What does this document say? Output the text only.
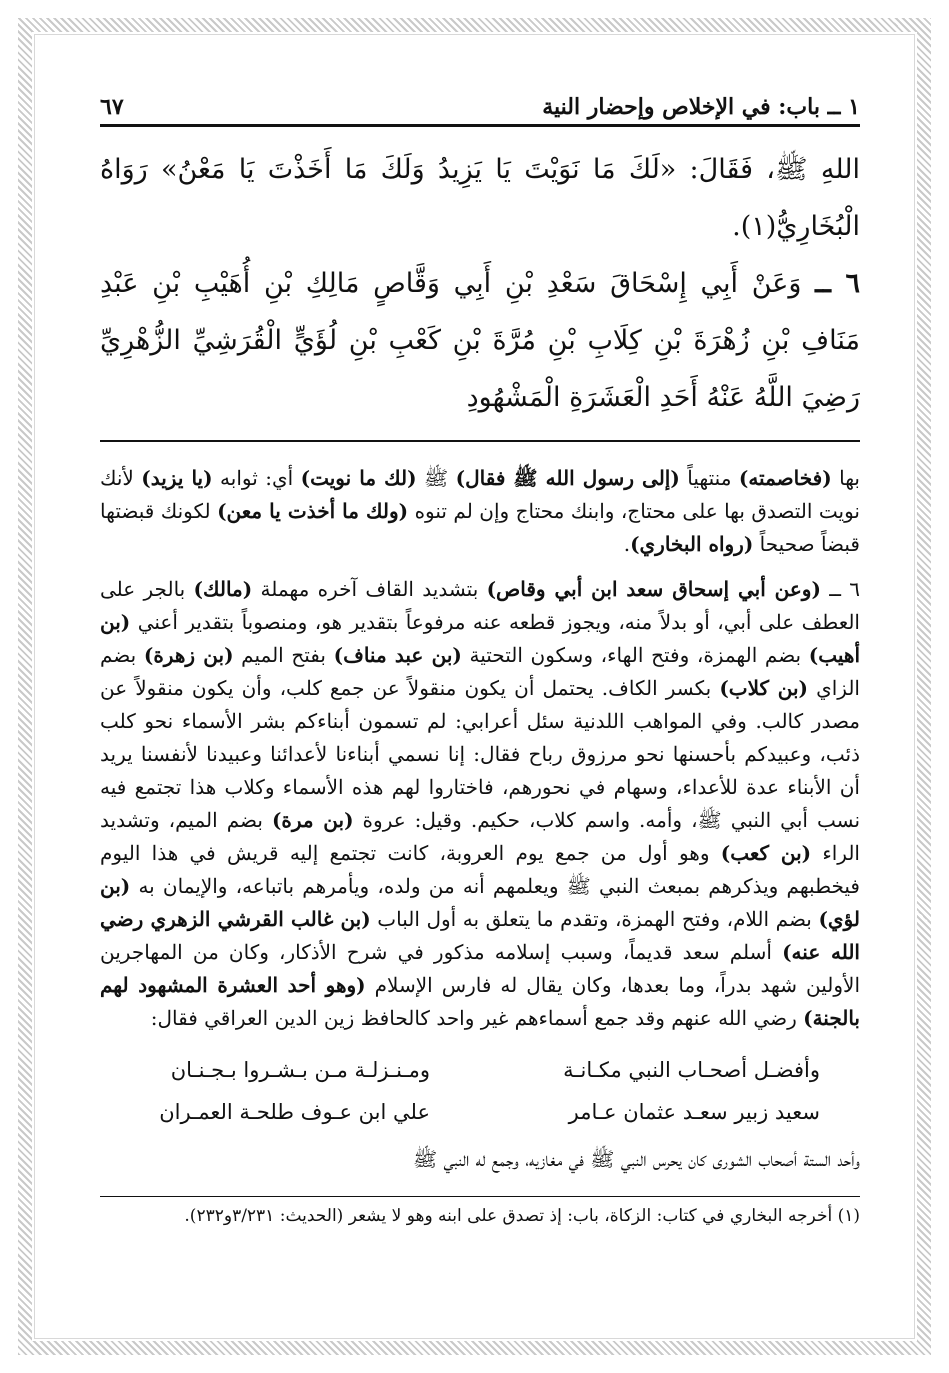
١ ــ باب: في الإخلاص وإحضار النية
٦٧

اللهِ ﷺ، فَقَالَ: «لَكَ مَا نَوَيْتَ يَا يَزِيدُ وَلَكَ مَا أَخَذْتَ يَا مَعْنُ» رَوَاهُ الْبُخَارِيُّ(١).

٦ ــ وَعَنْ أَبِي إِسْحَاقَ سَعْدِ بْنِ أَبِي وَقَّاصٍ مَالِكِ بْنِ أُهَيْبِ بْنِ عَبْدِ مَنَافِ بْنِ زُهْرَةَ بْنِ كِلَابِ بْنِ مُرَّةَ بْنِ كَعْبِ بْنِ لُؤَيٍّ الْقُرَشِيِّ الزُّهْرِيِّ رَضِيَ اللَّهُ عَنْهُ أَحَدِ الْعَشَرَةِ الْمَشْهُودِ

بها (فخاصمته) منتهياً (إلى رسول الله ﷺ فقال) ﷺ (لك ما نويت) أي: ثوابه (يا يزيد) لأنك نويت التصدق بها على محتاج، وابنك محتاج وإن لم تنوه (ولك ما أخذت يا معن) لكونك قبضتها قبضاً صحيحاً (رواه البخاري).

٦ ــ (وعن أبي إسحاق سعد ابن أبي وقاص) بتشديد القاف آخره مهملة (مالك) بالجر على العطف على أبي، أو بدلاً منه، ويجوز قطعه عنه مرفوعاً بتقدير هو، ومنصوباً بتقدير أعني (بن أهيب) بضم الهمزة، وفتح الهاء، وسكون التحتية (بن عبد مناف) بفتح الميم (بن زهرة) بضم الزاي (بن كلاب) بكسر الكاف. يحتمل أن يكون منقولاً عن جمع كلب، وأن يكون منقولاً عن مصدر كالب. وفي المواهب اللدنية سئل أعرابي: لم تسمون أبناءكم بشر الأسماء نحو كلب ذئب، وعبيدكم بأحسنها نحو مرزوق رباح فقال: إنا نسمي أبناءنا لأعدائنا وعبيدنا لأنفسنا يريد أن الأبناء عدة للأعداء، وسهام في نحورهم، فاختاروا لهم هذه الأسماء وكلاب هذا تجتمع فيه نسب أبي النبي ﷺ، وأمه. واسم كلاب، حكيم. وقيل: عروة (بن مرة) بضم الميم، وتشديد الراء (بن كعب) وهو أول من جمع يوم العروبة، كانت تجتمع إليه قريش في هذا اليوم فيخطبهم ويذكرهم بمبعث النبي ﷺ ويعلمهم أنه من ولده، ويأمرهم باتباعه، والإيمان به (بن لؤي) بضم اللام، وفتح الهمزة، وتقدم ما يتعلق به أول الباب (بن غالب القرشي الزهري رضي الله عنه) أسلم سعد قديماً، وسبب إسلامه مذكور في شرح الأذكار، وكان من المهاجرين الأولين شهد بدراً، وما بعدها، وكان يقال له فارس الإسلام (وهو أحد العشرة المشهود لهم بالجنة) رضي الله عنهم وقد جمع أسماءهم غير واحد كالحافظ زين الدين العراقي فقال:

وأفضـل أصحـاب النبي مكـانـة
ومـنـزلـة مـن بـشـروا بـجـنـان
سعيد زبير سعـد عثمان عـامر
علي ابن عـوف طلحـة العمـران

وأحد الستة أصحاب الشورى كان يحرس النبي ﷺ في مغازيه، وجمع له النبي ﷺ

(١) أخرجه البخاري في كتاب: الزكاة، باب: إذ تصدق على ابنه وهو لا يشعر (الحديث: ٣/٢٣١و٢٣٢).
